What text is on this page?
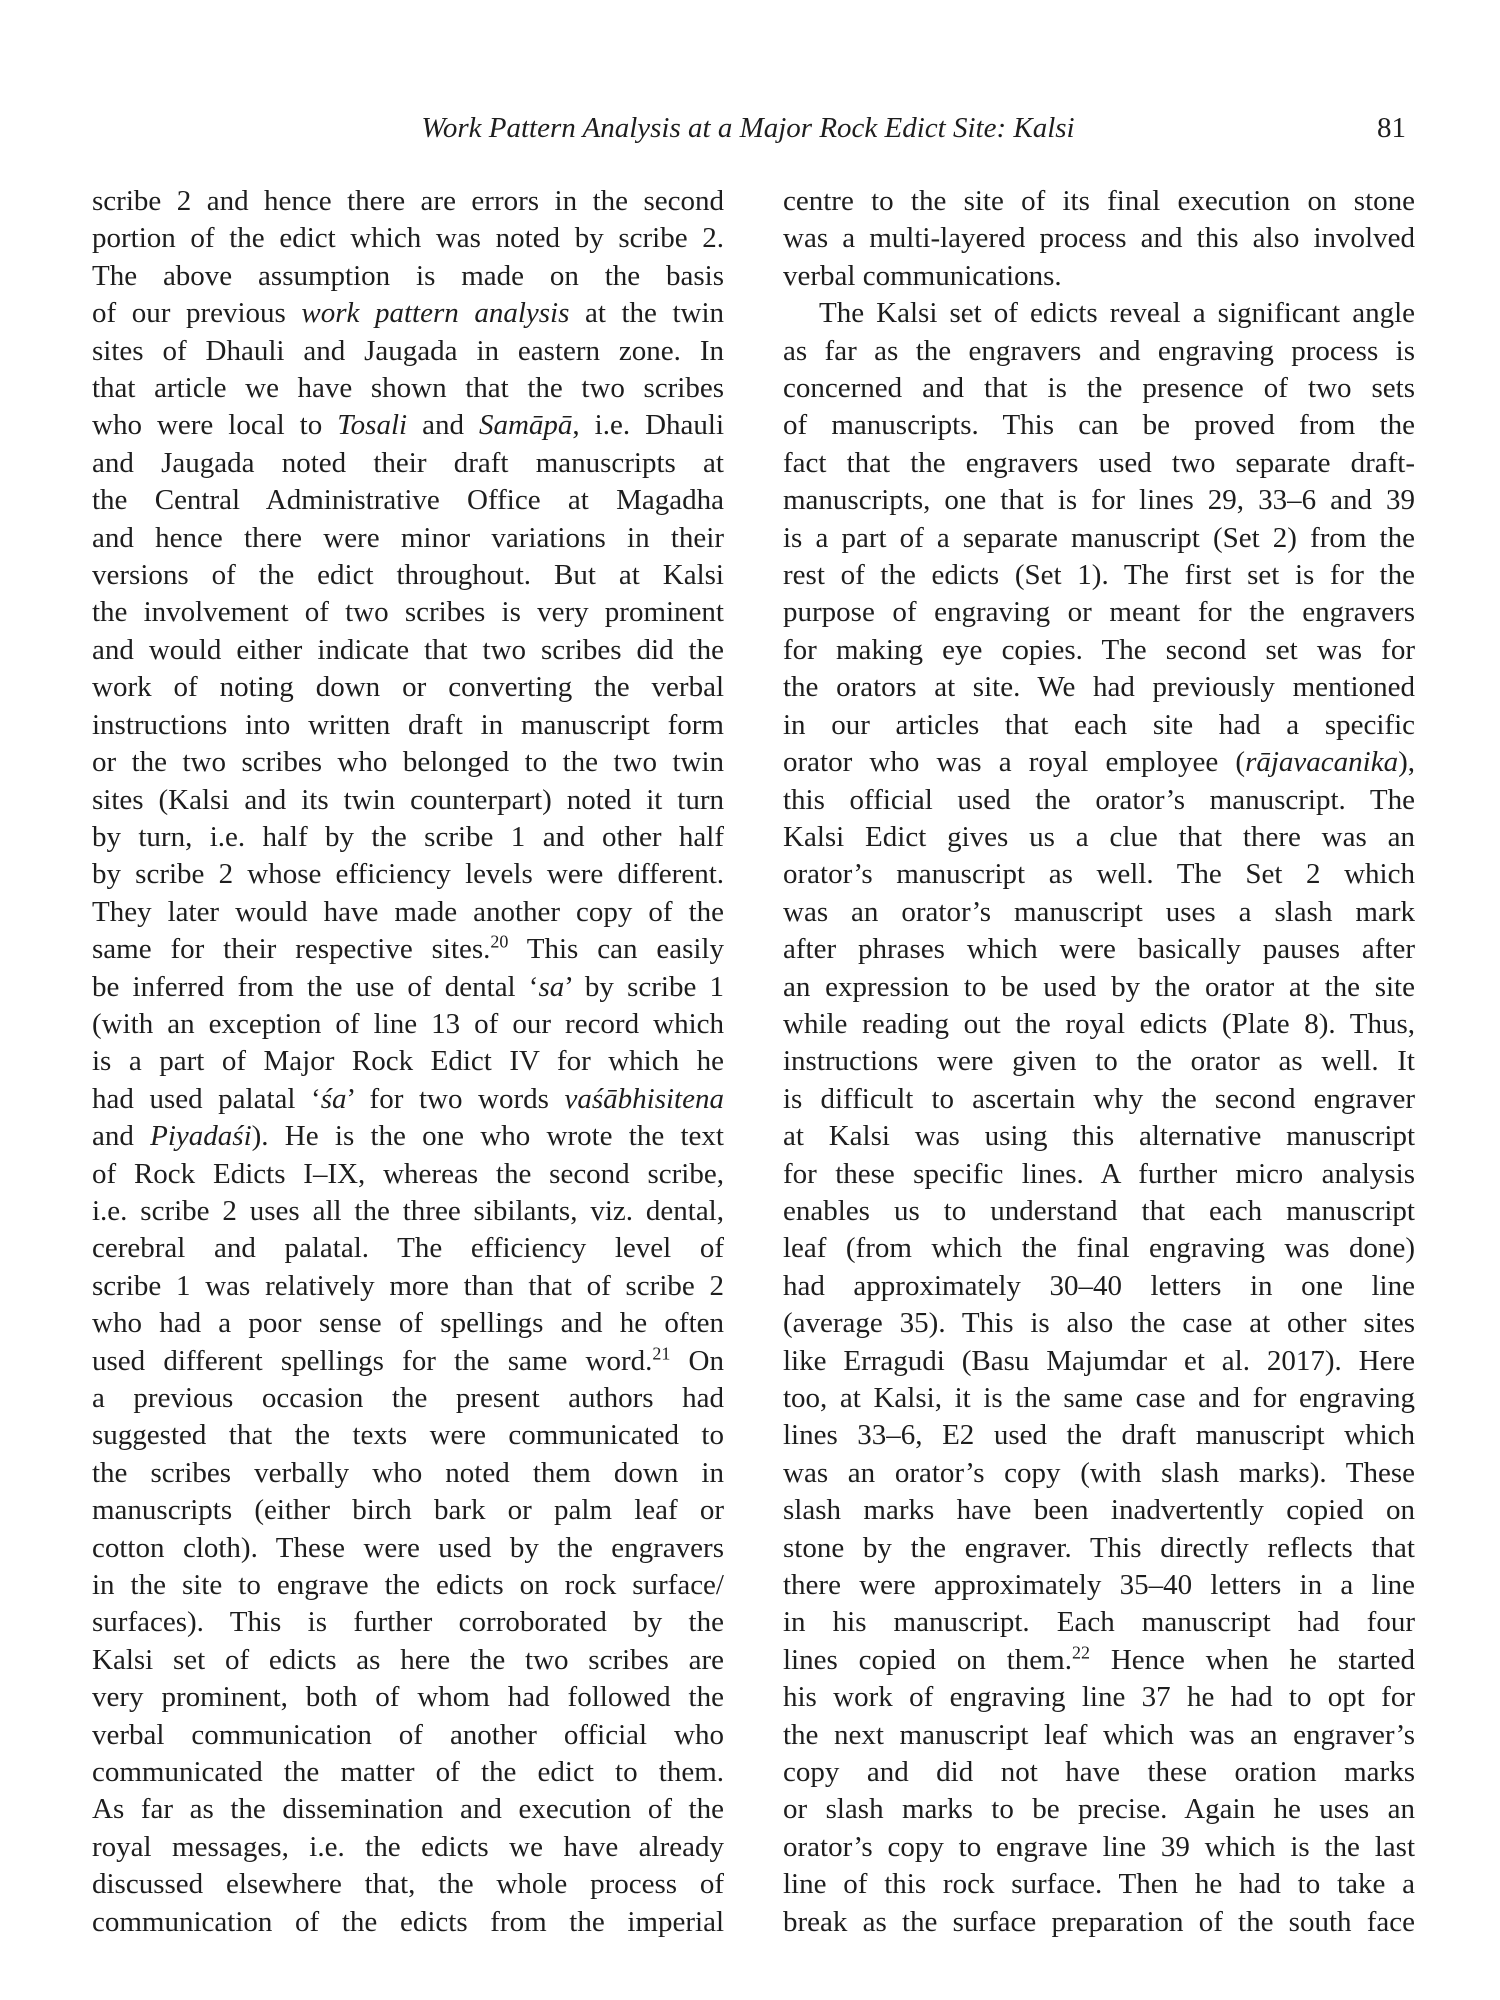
Work Pattern Analysis at a Major Rock Edict Site: Kalsi	81

scribe 2 and hence there are errors in the second

portion of the edict which was noted by scribe 2.

The above assumption is made on the basis

of our previous work pattern analysis at the twin

sites of Dhauli and Jaugada in eastern zone. In

that article we have shown that the two scribes

who were local to Tosali and Samāpā, i.e. Dhauli

and Jaugada noted their draft manuscripts at

the Central Administrative Office at Magadha

and hence there were minor variations in their

versions of the edict throughout. But at Kalsi

the involvement of two scribes is very prominent

and would either indicate that two scribes did the

work of noting down or converting the verbal

instructions into written draft in manuscript form

or the two scribes who belonged to the two twin

sites (Kalsi and its twin counterpart) noted it turn

by turn, i.e. half by the scribe 1 and other half

by scribe 2 whose efficiency levels were different.

They later would have made another copy of the

same for their respective sites.$^{20}$ This can easily

be inferred from the use of dental ‘sa’ by scribe 1

(with an exception of line 13 of our record which

is a part of Major Rock Edict IV for which he

had used palatal ‘śa’ for two words vaśābhisitena

and Piyadaśi). He is the one who wrote the text

of Rock Edicts I–IX, whereas the second scribe,

i.e. scribe 2 uses all the three sibilants, viz. dental,

cerebral and palatal. The efficiency level of

scribe 1 was relatively more than that of scribe 2

who had a poor sense of spellings and he often

used different spellings for the same word.$^{21}$ On

a previous occasion the present authors had

suggested that the texts were communicated to

the scribes verbally who noted them down in

manuscripts (either birch bark or palm leaf or

cotton cloth). These were used by the engravers

in the site to engrave the edicts on rock surface/

surfaces). This is further corroborated by the

Kalsi set of edicts as here the two scribes are

very prominent, both of whom had followed the

verbal communication of another official who

communicated the matter of the edict to them.

As far as the dissemination and execution of the

royal messages, i.e. the edicts we have already

discussed elsewhere that, the whole process of

communication of the edicts from the imperial

centre to the site of its final execution on stone

was a multi-layered process and this also involved

verbal communications.

The Kalsi set of edicts reveal a significant angle

as far as the engravers and engraving process is

concerned and that is the presence of two sets

of manuscripts. This can be proved from the

fact that the engravers used two separate draft-

manuscripts, one that is for lines 29, 33–6 and 39

is a part of a separate manuscript (Set 2) from the

rest of the edicts (Set 1). The first set is for the

purpose of engraving or meant for the engravers

for making eye copies. The second set was for

the orators at site. We had previously mentioned

in our articles that each site had a specific

orator who was a royal employee (rājavacanika),

this official used the orator’s manuscript. The

Kalsi Edict gives us a clue that there was an

orator’s manuscript as well. The Set 2 which

was an orator’s manuscript uses a slash mark

after phrases which were basically pauses after

an expression to be used by the orator at the site

while reading out the royal edicts (Plate 8). Thus,

instructions were given to the orator as well. It

is difficult to ascertain why the second engraver

at Kalsi was using this alternative manuscript

for these specific lines. A further micro analysis

enables us to understand that each manuscript

leaf (from which the final engraving was done)

had approximately 30–40 letters in one line

(average 35). This is also the case at other sites

like Erragudi (Basu Majumdar et al. 2017). Here

too, at Kalsi, it is the same case and for engraving

lines 33–6, E2 used the draft manuscript which

was an orator’s copy (with slash marks). These

slash marks have been inadvertently copied on

stone by the engraver. This directly reflects that

there were approximately 35–40 letters in a line

in his manuscript. Each manuscript had four

lines copied on them.$^{22}$ Hence when he started

his work of engraving line 37 he had to opt for

the next manuscript leaf which was an engraver’s

copy and did not have these oration marks

or slash marks to be precise. Again he uses an

orator’s copy to engrave line 39 which is the last

line of this rock surface. Then he had to take a

break as the surface preparation of the south face
